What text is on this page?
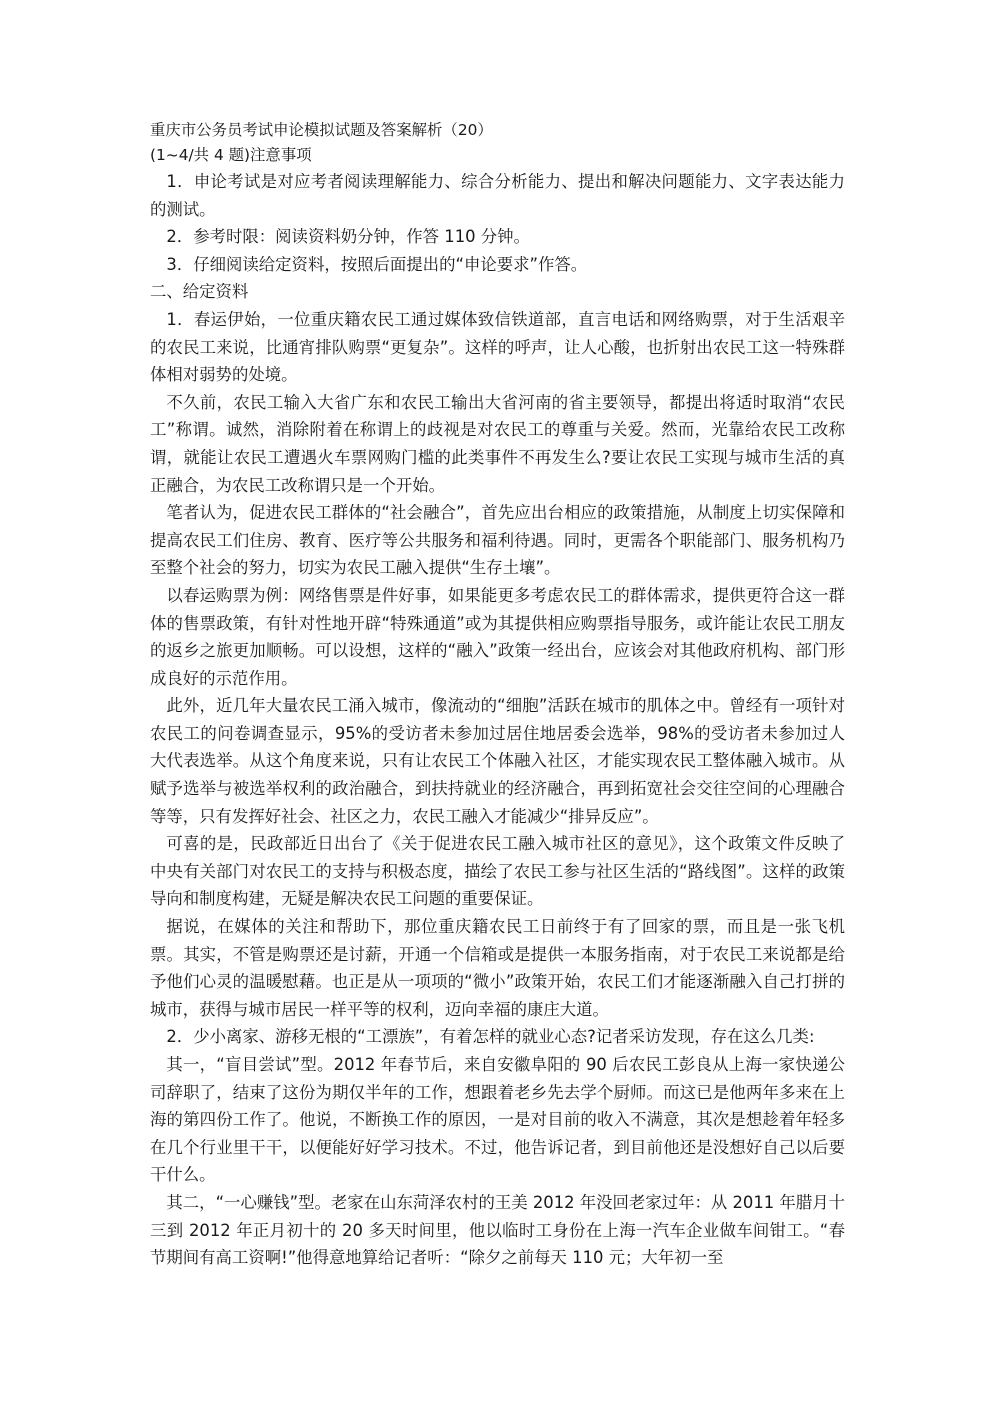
重庆市公务员考试申论模拟试题及答案解析（20）

(1~4/共 4 题)注意事项

1．申论考试是对应考者阅读理解能力、综合分析能力、提出和解决问题能力、文字表达能力的测试。

2．参考时限：阅读资料奶分钟，作答 110 分钟。

3．仔细阅读给定资料，按照后面提出的“申论要求”作答。

二、给定资料

1．春运伊始，一位重庆籍农民工通过媒体致信铁道部，直言电话和网络购票，对于生活艰辛的农民工来说，比通宵排队购票“更复杂”。这样的呼声，让人心酸，也折射出农民工这一特殊群体相对弱势的处境。

不久前，农民工输入大省广东和农民工输出大省河南的省主要领导，都提出将适时取消“农民工”称谓。诚然，消除附着在称谓上的歧视是对农民工的尊重与关爱。然而，光靠给农民工改称谓，就能让农民工遭遇火车票网购门槛的此类事件不再发生么?要让农民工实现与城市生活的真正融合，为农民工改称谓只是一个开始。

笔者认为，促进农民工群体的“社会融合”，首先应出台相应的政策措施，从制度上切实保障和提高农民工们住房、教育、医疗等公共服务和福利待遇。同时，更需各个职能部门、服务机构乃至整个社会的努力，切实为农民工融入提供“生存土壤”。

以春运购票为例：网络售票是件好事，如果能更多考虑农民工的群体需求，提供更符合这一群体的售票政策，有针对性地开辟“特殊通道”或为其提供相应购票指导服务，或许能让农民工朋友的返乡之旅更加顺畅。可以设想，这样的“融入”政策一经出台，应该会对其他政府机构、部门形成良好的示范作用。

此外，近几年大量农民工涌入城市，像流动的“细胞”活跃在城市的肌体之中。曾经有一项针对农民工的问卷调查显示，95%的受访者未参加过居住地居委会选举，98%的受访者未参加过人大代表选举。从这个角度来说，只有让农民工个体融入社区，才能实现农民工整体融入城市。从赋予选举与被选举权利的政治融合，到扶持就业的经济融合，再到拓宽社会交往空间的心理融合等等，只有发挥好社会、社区之力，农民工融入才能减少“排异反应”。

可喜的是，民政部近日出台了《关于促进农民工融入城市社区的意见》，这个政策文件反映了中央有关部门对农民工的支持与积极态度，描绘了农民工参与社区生活的“路线图”。这样的政策导向和制度构建，无疑是解决农民工问题的重要保证。

据说，在媒体的关注和帮助下，那位重庆籍农民工日前终于有了回家的票，而且是一张飞机票。其实，不管是购票还是讨薪，开通一个信箱或是提供一本服务指南，对于农民工来说都是给予他们心灵的温暖慰藉。也正是从一项项的“微小”政策开始，农民工们才能逐渐融入自己打拼的城市，获得与城市居民一样平等的权利，迈向幸福的康庄大道。

2．少小离家、游移无根的“工漂族”，有着怎样的就业心态?记者采访发现，存在这么几类:

其一，“盲目尝试”型。2012 年春节后，来自安徽阜阳的 90 后农民工彭良从上海一家快递公司辞职了，结束了这份为期仅半年的工作，想跟着老乡先去学个厨师。而这已是他两年多来在上海的第四份工作了。他说，不断换工作的原因，一是对目前的收入不满意，其次是想趁着年轻多在几个行业里干干，以便能好好学习技术。不过，他告诉记者，到目前他还是没想好自己以后要干什么。

其二，“一心赚钱”型。老家在山东菏泽农村的王美 2012 年没回老家过年：从 2011 年腊月十三到 2012 年正月初十的 20 多天时间里，他以临时工身份在上海一汽车企业做车间钳工。“春节期间有高工资啊!”他得意地算给记者听：“除夕之前每天 110 元；大年初一至
